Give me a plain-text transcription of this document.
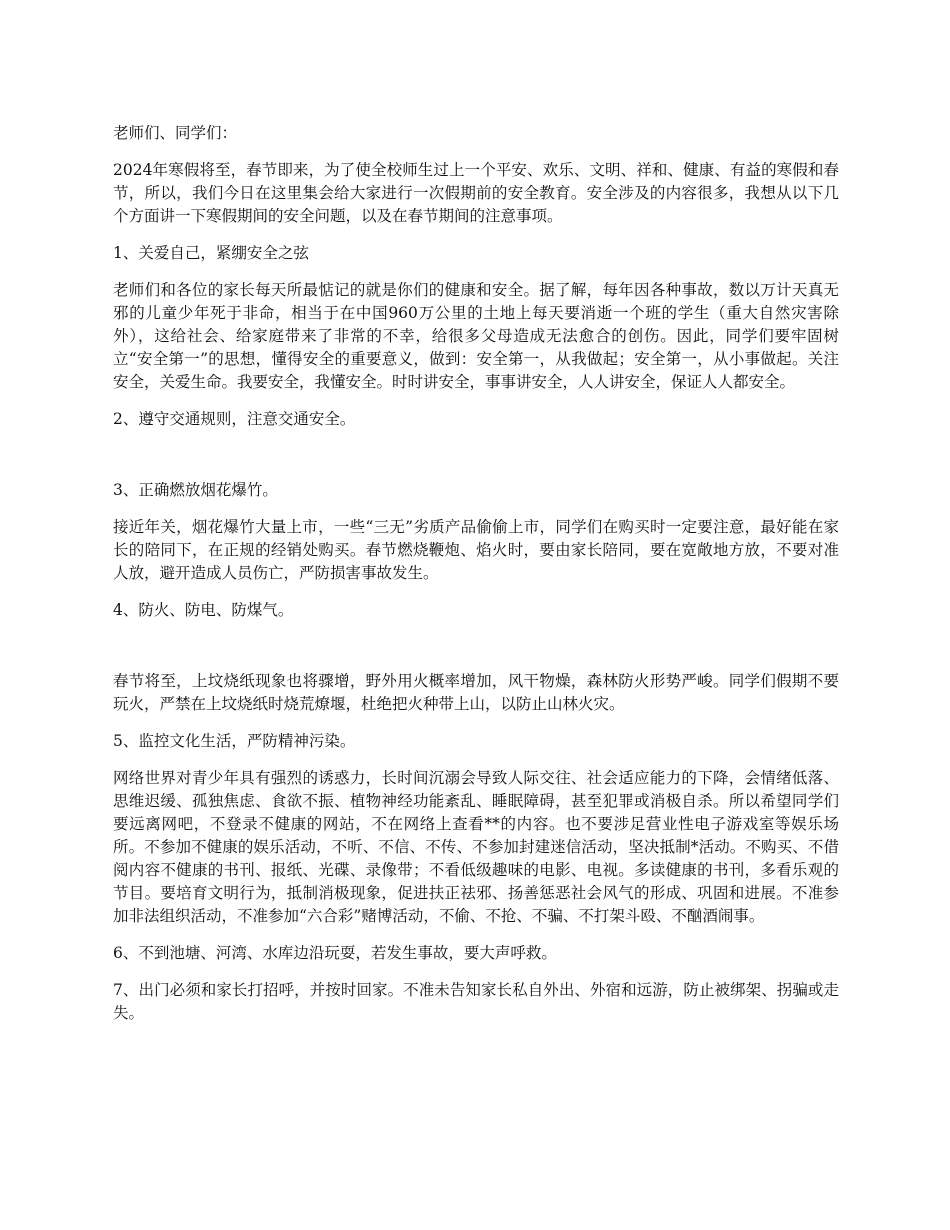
老师们、同学们：

2024年寒假将至，春节即来，为了使全校师生过上一个平安、欢乐、文明、祥和、健康、有益的寒假和春节，所以，我们今日在这里集会给大家进行一次假期前的安全教育。安全涉及的内容很多，我想从以下几个方面讲一下寒假期间的安全问题，以及在春节期间的注意事项。

1、关爱自己，紧绷安全之弦

老师们和各位的家长每天所最惦记的就是你们的健康和安全。据了解，每年因各种事故，数以万计天真无邪的儿童少年死于非命，相当于在中国960万公里的土地上每天要消逝一个班的学生（重大自然灾害除外），这给社会、给家庭带来了非常的不幸，给很多父母造成无法愈合的创伤。因此，同学们要牢固树立“安全第一”的思想，懂得安全的重要意义，做到：安全第一，从我做起；安全第一，从小事做起。关注安全，关爱生命。我要安全，我懂安全。时时讲安全，事事讲安全，人人讲安全，保证人人都安全。

2、遵守交通规则，注意交通安全。

3、正确燃放烟花爆竹。

接近年关，烟花爆竹大量上市，一些“三无”劣质产品偷偷上市，同学们在购买时一定要注意，最好能在家长的陪同下，在正规的经销处购买。春节燃烧鞭炮、焰火时，要由家长陪同，要在宽敞地方放，不要对准人放，避开造成人员伤亡，严防损害事故发生。

4、防火、防电、防煤气。

春节将至，上坟烧纸现象也将骤增，野外用火概率增加，风干物燥，森林防火形势严峻。同学们假期不要玩火，严禁在上坟烧纸时烧荒燎堰，杜绝把火种带上山，以防止山林火灾。

5、监控文化生活，严防精神污染。

网络世界对青少年具有强烈的诱惑力，长时间沉溺会导致人际交往、社会适应能力的下降，会情绪低落、思维迟缓、孤独焦虑、食欲不振、植物神经功能紊乱、睡眠障碍，甚至犯罪或消极自杀。所以希望同学们要远离网吧，不登录不健康的网站，不在网络上查看**的内容。也不要涉足营业性电子游戏室等娱乐场所。不参加不健康的娱乐活动，不听、不信、不传、不参加封建迷信活动，坚决抵制*活动。不购买、不借阅内容不健康的书刊、报纸、光碟、录像带；不看低级趣味的电影、电视。多读健康的书刊，多看乐观的节目。要培育文明行为，抵制消极现象，促进扶正祛邪、扬善惩恶社会风气的形成、巩固和进展。不准参加非法组织活动，不准参加“六合彩”赌博活动，不偷、不抢、不骗、不打架斗殴、不酗酒闹事。

6、不到池塘、河湾、水库边沿玩耍，若发生事故，要大声呼救。

7、出门必须和家长打招呼，并按时回家。不准未告知家长私自外出、外宿和远游，防止被绑架、拐骗或走失。
